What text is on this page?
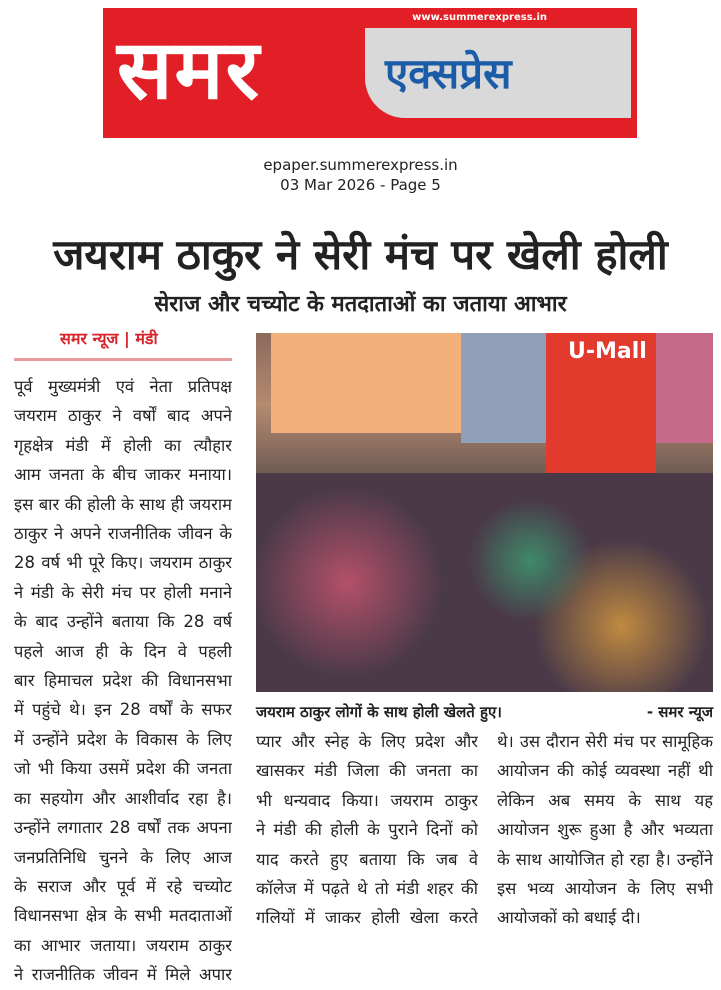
www.summerexpress.in
समर	एक्सप्रेस
epaper.summerexpress.in
03 Mar 2026 - Page 5
जयराम ठाकुर ने सेरी मंच पर खेली होली
सेराज और चच्योट के मतदाताओं का जताया आभार
समर न्यूज | मंडी
पूर्व मुख्यमंत्री एवं नेता प्रतिपक्ष
जयराम ठाकुर ने वर्षों बाद अपने
गृहक्षेत्र मंडी में होली का त्यौहार
आम जनता के बीच जाकर मनाया।
इस बार की होली के साथ ही जयराम
ठाकुर ने अपने राजनीतिक जीवन के
28 वर्ष भी पूरे किए। जयराम ठाकुर
ने मंडी के सेरी मंच पर होली मनाने
के बाद उन्होंने बताया कि 28 वर्ष
पहले आज ही के दिन वे पहली
बार हिमाचल प्रदेश की विधानसभा
में पहुंचे थे। इन 28 वर्षों के सफर
में उन्होंने प्रदेश के विकास के लिए
जो भी किया उसमें प्रदेश की जनता
का सहयोग और आशीर्वाद रहा है।
उन्होंने लगातार 28 वर्षों तक अपना
जनप्रतिनिधि चुनने के लिए आज
के सराज और पूर्व में रहे चच्योट
विधानसभा क्षेत्र के सभी मतदाताओं
का आभार जताया। जयराम ठाकुर
ने राजनीतिक जीवन में मिले अपार
U-Mall
जयराम ठाकुर लोगों के साथ होली खेलते हुए।	- समर न्यूज
प्यार और स्नेह के लिए प्रदेश और
खासकर मंडी जिला की जनता का
भी धन्यवाद किया। जयराम ठाकुर
ने मंडी की होली के पुराने दिनों को
याद करते हुए बताया कि जब वे
कॉलेज में पढ़ते थे तो मंडी शहर की
गलियों में जाकर होली खेला करते
थे। उस दौरान सेरी मंच पर सामूहिक
आयोजन की कोई व्यवस्था नहीं थी
लेकिन अब समय के साथ यह
आयोजन शुरू हुआ है और भव्यता
के साथ आयोजित हो रहा है। उन्होंने
इस भव्य आयोजन के लिए सभी
आयोजकों को बधाई दी।
